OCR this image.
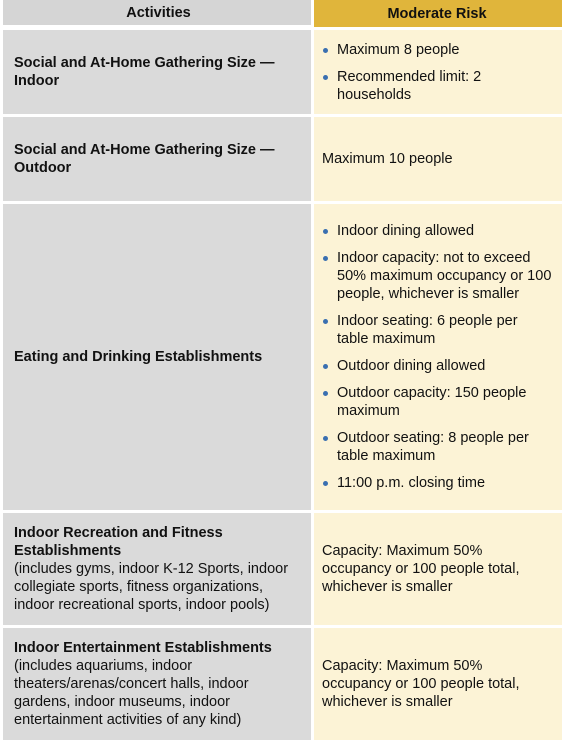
Activities	Moderate Risk
Social and At-Home Gathering Size — Indoor
Maximum 8 people
Recommended limit: 2 households
Social and At-Home Gathering Size — Outdoor
Maximum 10 people
Eating and Drinking Establishments
Indoor dining allowed
Indoor capacity: not to exceed 50% maximum occupancy or 100 people, whichever is smaller
Indoor seating: 6 people per table maximum
Outdoor dining allowed
Outdoor capacity: 150 people maximum
Outdoor seating: 8 people per table maximum
11:00 p.m. closing time
Indoor Recreation and Fitness Establishments
(includes gyms, indoor K-12 Sports, indoor collegiate sports, fitness organizations, indoor recreational sports, indoor pools)
Capacity: Maximum 50% occupancy or 100 people total, whichever is smaller
Indoor Entertainment Establishments
(includes aquariums, indoor theaters/arenas/concert halls, indoor gardens, indoor museums, indoor entertainment activities of any kind)
Capacity: Maximum 50% occupancy or 100 people total, whichever is smaller
